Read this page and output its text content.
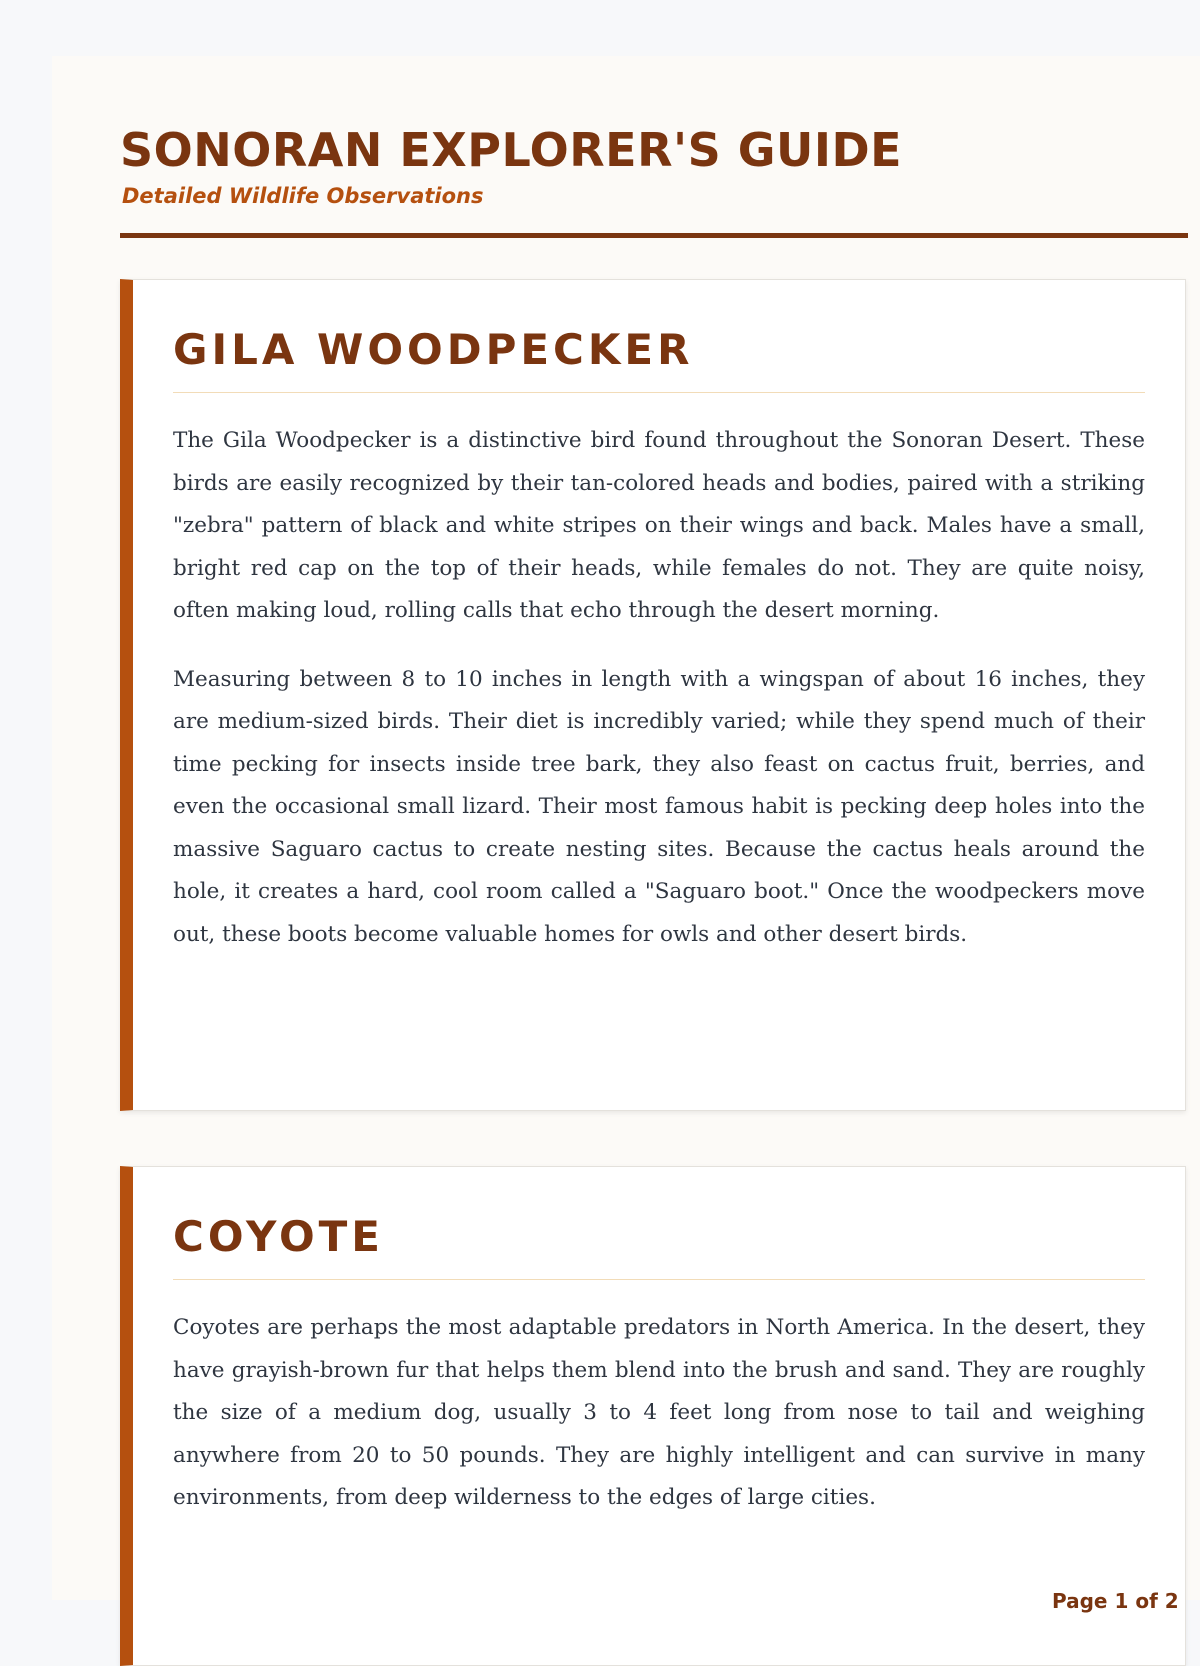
SONORAN EXPLORER'S GUIDE
Detailed Wildlife Observations
GILA WOODPECKER

The Gila Woodpecker is a distinctive bird found throughout the Sonoran Desert. These birds are easily recognized by their tan-colored heads and bodies, paired with a striking "zebra" pattern of black and white stripes on their wings and back. Males have a small, bright red cap on the top of their heads, while females do not. They are quite noisy, often making loud, rolling calls that echo through the desert morning.

Measuring between 8 to 10 inches in length with a wingspan of about 16 inches, they are medium-sized birds. Their diet is incredibly varied; while they spend much of their time pecking for insects inside tree bark, they also feast on cactus fruit, berries, and even the occasional small lizard. Their most famous habit is pecking deep holes into the massive Saguaro cactus to create nesting sites. Because the cactus heals around the hole, it creates a hard, cool room called a "Saguaro boot." Once the woodpeckers move out, these boots become valuable homes for owls and other desert birds.

COYOTE

Coyotes are perhaps the most adaptable predators in North America. In the desert, they have grayish-brown fur that helps them blend into the brush and sand. They are roughly the size of a medium dog, usually 3 to 4 feet long from nose to tail and weighing anywhere from 20 to 50 pounds. They are highly intelligent and can survive in many environments, from deep wilderness to the edges of large cities.

Page 1 of 2
